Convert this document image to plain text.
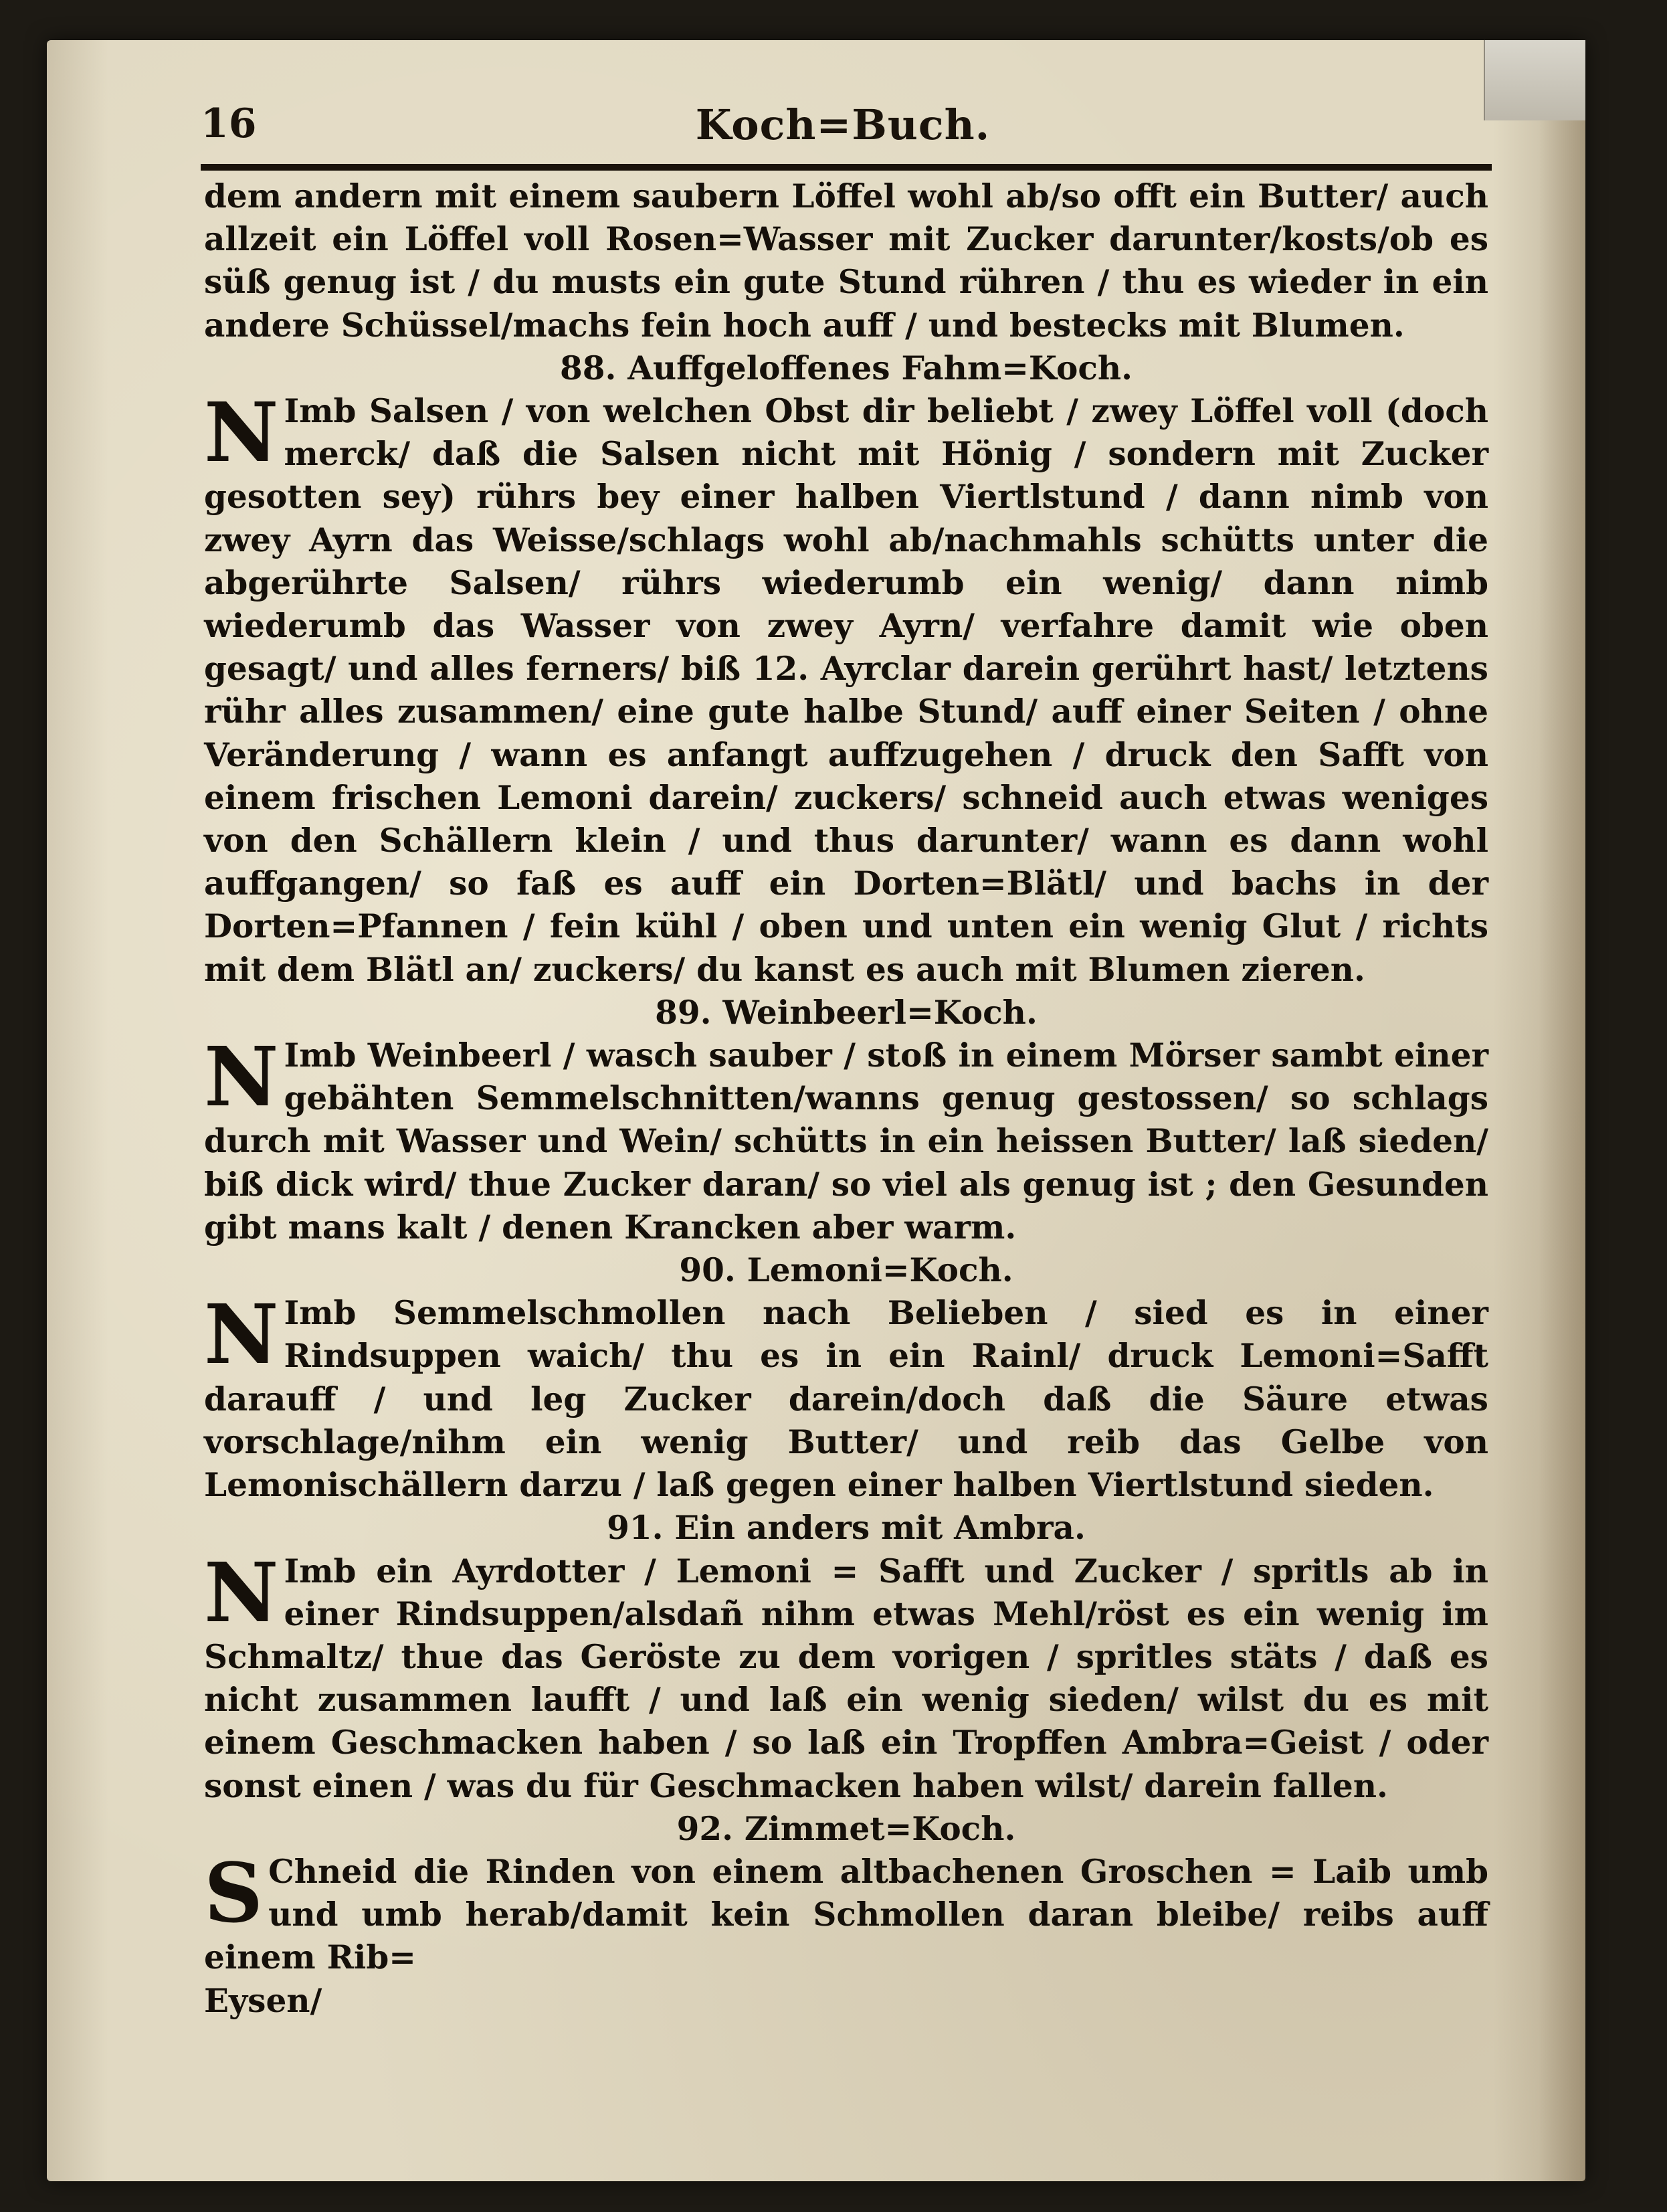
16	Koch=Buch.

dem andern mit einem saubern Löffel wohl ab/so offt ein Butter/ auch allzeit ein Löffel voll Rosen=Wasser mit Zucker darunter/kosts/ob es süß genug ist / du musts ein gute Stund rühren / thu es wieder in ein andere Schüssel/machs fein hoch auff / und bestecks mit Blumen.

88. Auffgeloffenes Fahm=Koch.

N Imb Salsen / von welchen Obst dir beliebt / zwey Löffel voll (doch merck/ daß die Salsen nicht mit Hönig / sondern mit Zucker gesotten sey) rührs bey einer halben Viertlstund / dann nimb von zwey Ayrn das Weisse/schlags wohl ab/nachmahls schütts unter die abgerührte Salsen/ rührs wiederumb ein wenig/ dann nimb wiederumb das Wasser von zwey Ayrn/ verfahre damit wie oben gesagt/ und alles ferners/ biß 12. Ayrclar darein gerührt hast/ letztens rühr alles zusammen/ eine gute halbe Stund/ auff einer Seiten / ohne Veränderung / wann es anfangt auffzugehen / druck den Safft von einem frischen Lemoni darein/ zuckers/ schneid auch etwas weniges von den Schällern klein / und thus darunter/ wann es dann wohl auffgangen/ so faß es auff ein Dorten=Blätl/ und bachs in der Dorten=Pfannen / fein kühl / oben und unten ein wenig Glut / richts mit dem Blätl an/ zuckers/ du kanst es auch mit Blumen zieren.

89. Weinbeerl=Koch.

N Imb Weinbeerl / wasch sauber / stoß in einem Mörser sambt einer gebähten Semmelschnitten/wanns genug gestossen/ so schlags durch mit Wasser und Wein/ schütts in ein heissen Butter/ laß sieden/ biß dick wird/ thue Zucker daran/ so viel als genug ist ; den Gesunden gibt mans kalt / denen Krancken aber warm.

90. Lemoni=Koch.

N Imb Semmelschmollen nach Belieben / sied es in einer Rindsuppen waich/ thu es in ein Rainl/ druck Lemoni=Safft darauff / und leg Zucker darein/doch daß die Säure etwas vorschlage/nihm ein wenig Butter/ und reib das Gelbe von Lemonischällern darzu / laß gegen einer halben Viertlstund sieden.

91. Ein anders mit Ambra.

N Imb ein Ayrdotter / Lemoni = Safft und Zucker / spritls ab in einer Rindsuppen/alsdañ nihm etwas Mehl/röst es ein wenig im Schmaltz/ thue das Geröste zu dem vorigen / spritles stäts / daß es nicht zusammen laufft / und laß ein wenig sieden/ wilst du es mit einem Geschmacken haben / so laß ein Tropffen Ambra=Geist / oder sonst einen / was du für Geschmacken haben wilst/ darein fallen.

92. Zimmet=Koch.

S Chneid die Rinden von einem altbachenen Groschen = Laib umb und umb herab/damit kein Schmollen daran bleibe/ reibs auff einem Rib=

Eysen/
